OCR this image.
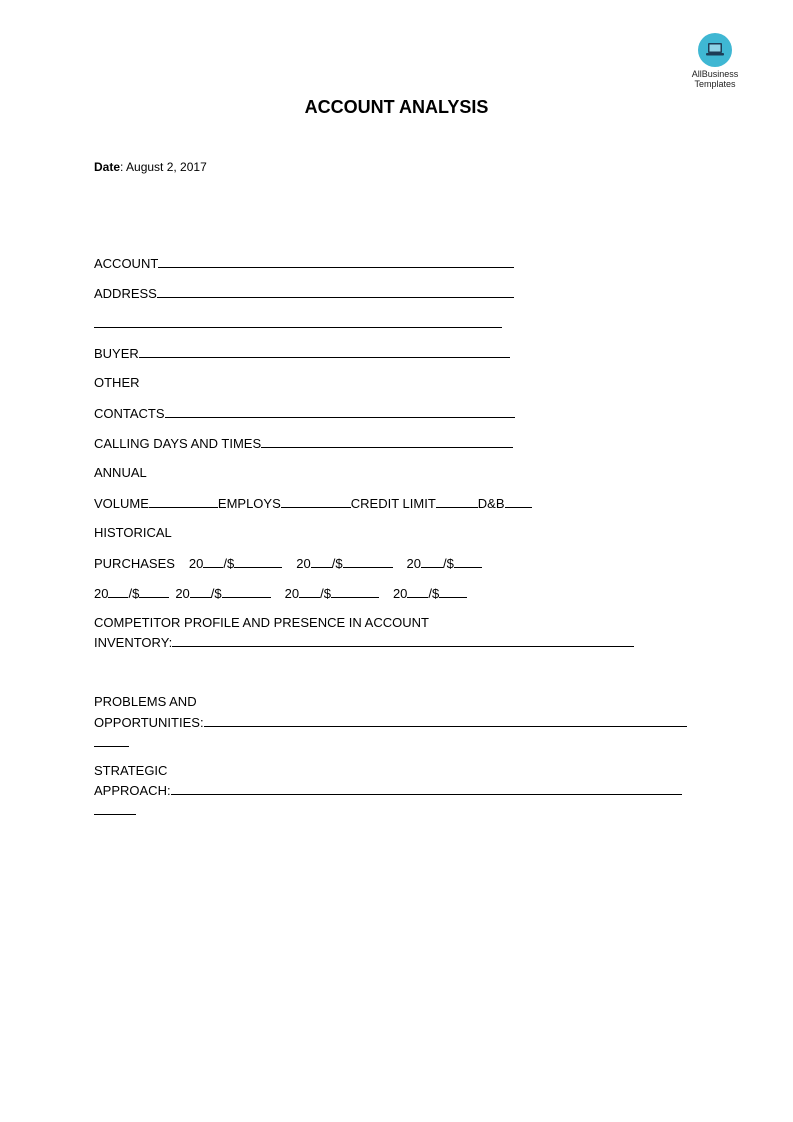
AllBusiness
Templates
ACCOUNT ANALYSIS
Date: August 2, 2017
ACCOUNT
ADDRESS
BUYER
OTHER
CONTACTS
CALLING DAYS AND TIMES
ANNUAL
VOLUME	EMPLOYS	CREDIT LIMIT	D&B
HISTORICAL
PURCHASES 20 /$	20 /$	20 /$
20 /$	20 /$	20 /$	20 /$
COMPETITOR PROFILE AND PRESENCE IN ACCOUNT
INVENTORY:
PROBLEMS AND
OPPORTUNITIES:
STRATEGIC
APPROACH:
